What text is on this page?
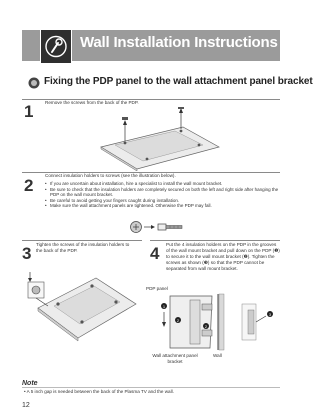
Wall Installation Instructions
Fixing the PDP panel to the wall attachment panel bracket
1	Remove the screws from the back of the PDP.
2
Connect insulation holders to screws (see the illustration below).
• If you are uncertain about installation, hire a specialist to install the wall mount bracket.
• Be sure to check that the insulation holders are completely secured on both the left and right side after hanging the PDP on the wall mount bracket.
• Be careful to avoid getting your fingers caught during installation.
• Make sure the wall attachment panels are tightened. Otherwise the PDP may fall.
3 Tighten the screws of the insulation holders to the back of the PDP.	4 Put the 4 insulation holders on the PDP in the grooves of the wall mount bracket and pull down on the PDP (❶) to secure it to the wall mount bracket (❷). Tighten the screws as shown (❸) so that the PDP cannot be separated from wall mount bracket.
PDP panel
1
2
2
3
Wall attachment panel bracket
Wall
Note
• A 5 inch gap is needed between the back of the Plasma TV and the wall.
12
